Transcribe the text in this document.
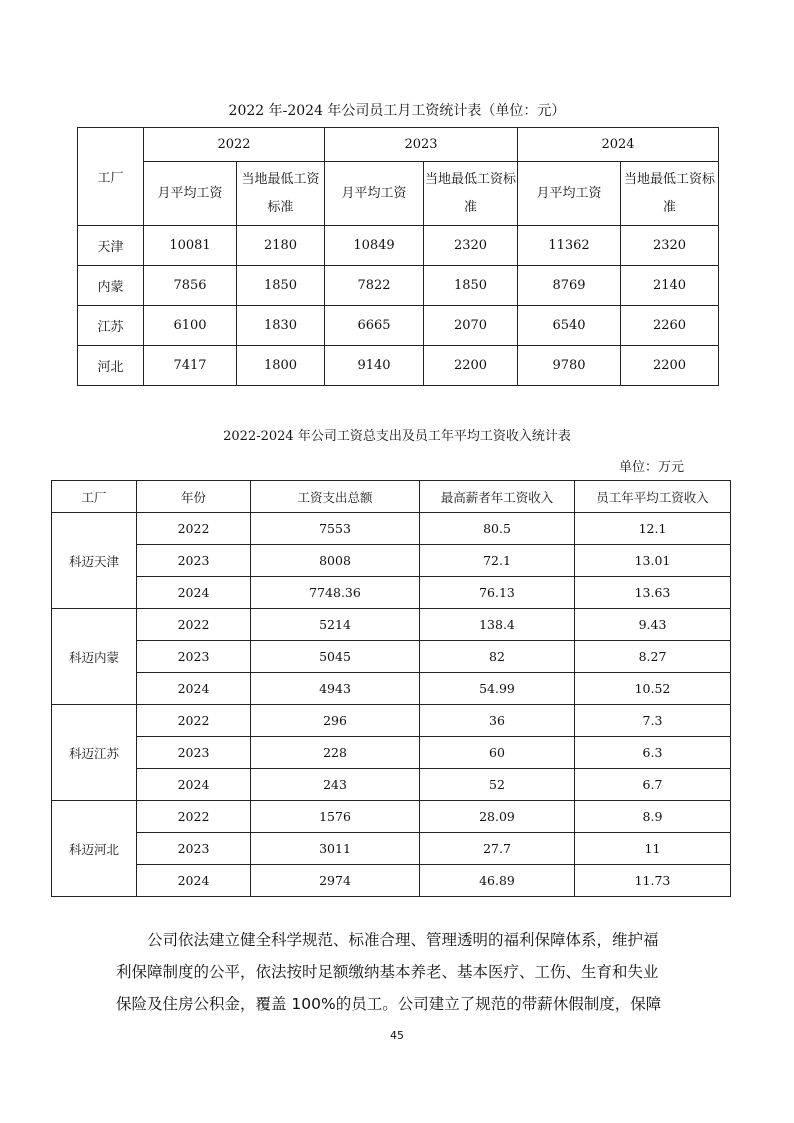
2022 年-2024 年公司员工月工资统计表（单位：元）
工厂	2022		2023		2024	
	月平均工资	当地最低工资标准	月平均工资	当地最低工资标准	月平均工资	当地最低工资标准
天津	10081	2180	10849	2320	11362	2320
内蒙	7856	1850	7822	1850	8769	2140
江苏	6100	1830	6665	2070	6540	2260
河北	7417	1800	9140	2200	9780	2200
2022-2024 年公司工资总支出及员工年平均工资收入统计表
单位：万元
工厂	年份	工资支出总额	最高薪者年工资收入	员工年平均工资收入
科迈天津	2022	7553	80.5	12.1
	2023	8008	72.1	13.01
	2024	7748.36	76.13	13.63
科迈内蒙	2022	5214	138.4	9.43
	2023	5045	82	8.27
	2024	4943	54.99	10.52
科迈江苏	2022	296	36	7.3
	2023	228	60	6.3
	2024	243	52	6.7
科迈河北	2022	1576	28.09	8.9
	2023	3011	27.7	11
	2024	2974	46.89	11.73

公司依法建立健全科学规范、标准合理、管理透明的福利保障体系，维护福

利保障制度的公平，依法按时足额缴纳基本养老、基本医疗、工伤、生育和失业

保险及住房公积金，覆盖 100%的员工。公司建立了规范的带薪休假制度，保障

45
